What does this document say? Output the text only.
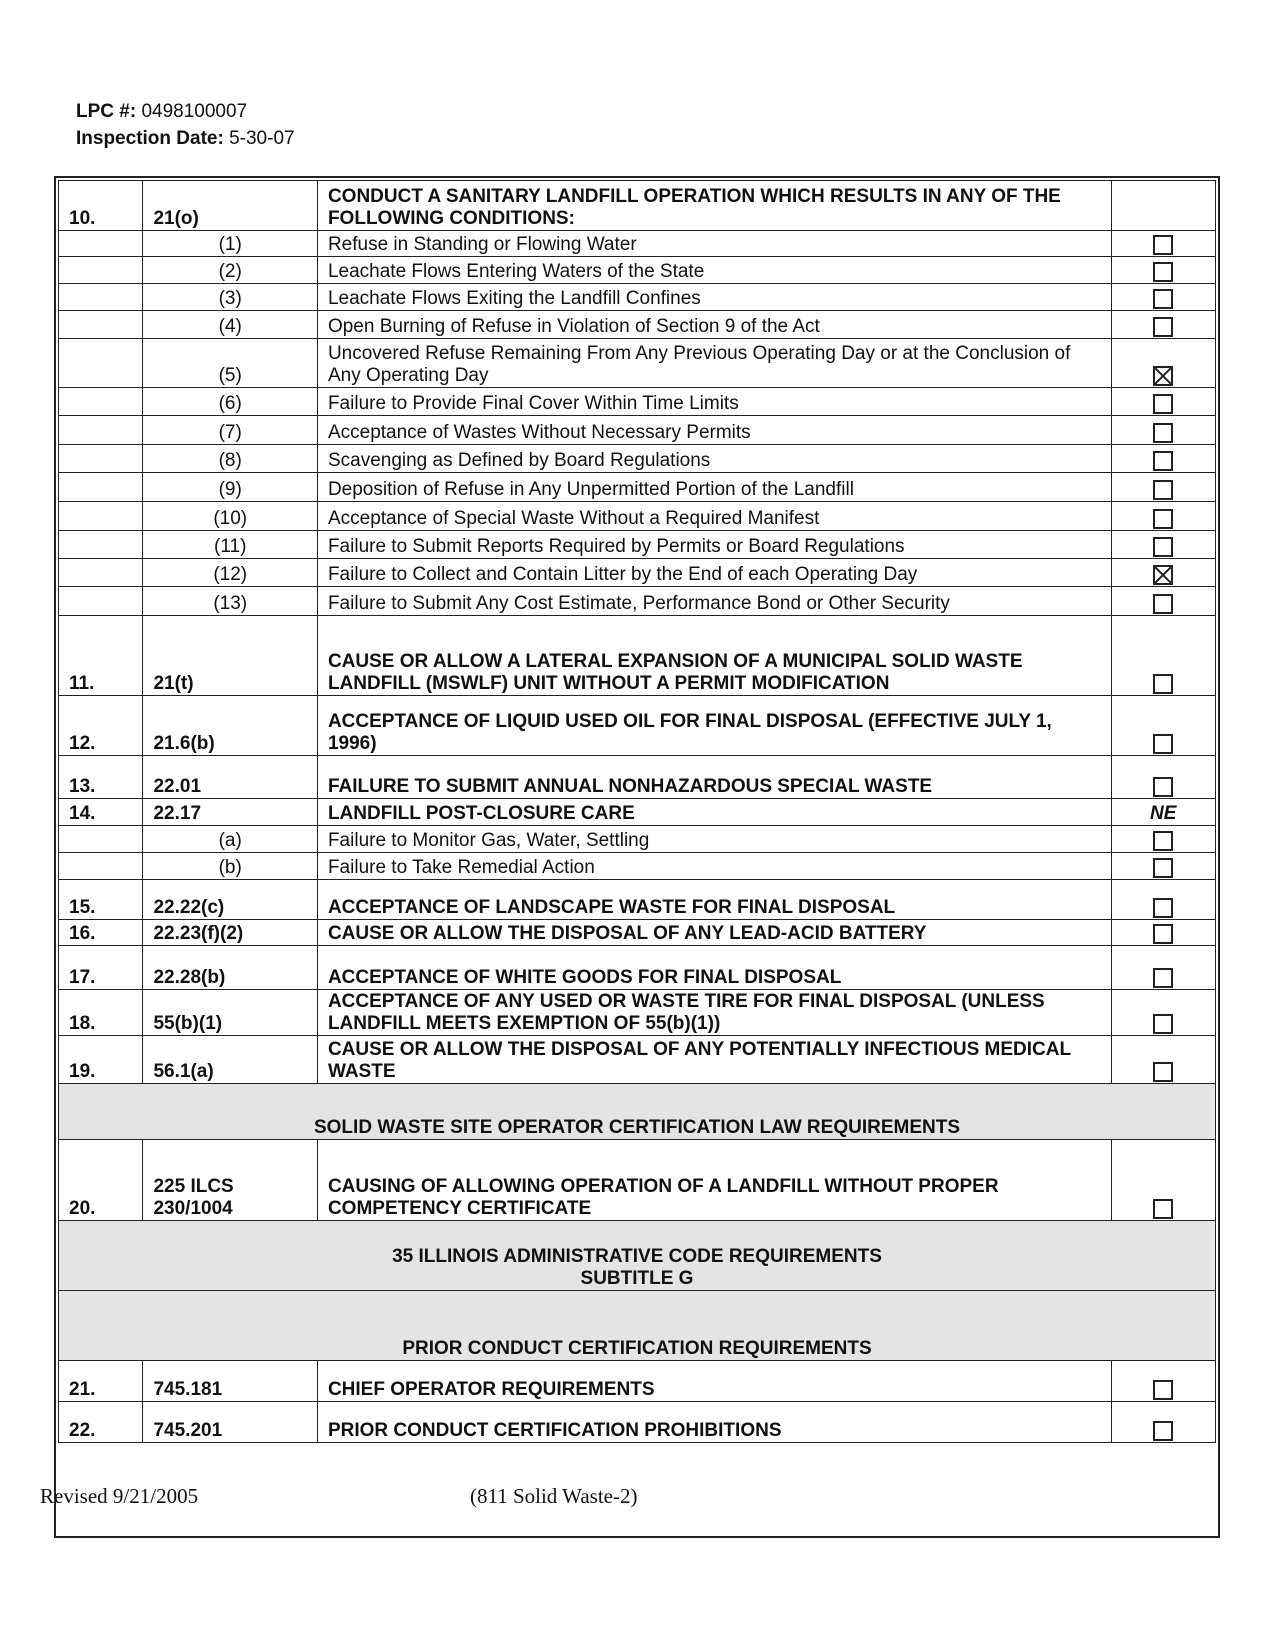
LPC #: 0498100007
Inspection Date: 5-30-07
10.	21(o)	CONDUCT A SANITARY LANDFILL OPERATION WHICH RESULTS IN ANY OF THE FOLLOWING CONDITIONS:	
	(1)	Refuse in Standing or Flowing Water	
	(2)	Leachate Flows Entering Waters of the State	
	(3)	Leachate Flows Exiting the Landfill Confines	
	(4)	Open Burning of Refuse in Violation of Section 9 of the Act	
	(5)	Uncovered Refuse Remaining From Any Previous Operating Day or at the Conclusion of Any Operating Day	
	(6)	Failure to Provide Final Cover Within Time Limits	
	(7)	Acceptance of Wastes Without Necessary Permits	
	(8)	Scavenging as Defined by Board Regulations	
	(9)	Deposition of Refuse in Any Unpermitted Portion of the Landfill	
	(10)	Acceptance of Special Waste Without a Required Manifest	
	(11)	Failure to Submit Reports Required by Permits or Board Regulations	
	(12)	Failure to Collect and Contain Litter by the End of each Operating Day	
	(13)	Failure to Submit Any Cost Estimate, Performance Bond or Other Security	
11.	21(t)	CAUSE OR ALLOW A LATERAL EXPANSION OF A MUNICIPAL SOLID WASTE LANDFILL (MSWLF) UNIT WITHOUT A PERMIT MODIFICATION	
12.	21.6(b)	ACCEPTANCE OF LIQUID USED OIL FOR FINAL DISPOSAL (EFFECTIVE JULY 1, 1996)	
13.	22.01	FAILURE TO SUBMIT ANNUAL NONHAZARDOUS SPECIAL WASTE	
14.	22.17	LANDFILL POST-CLOSURE CARE	NE
	(a)	Failure to Monitor Gas, Water, Settling	
	(b)	Failure to Take Remedial Action	
15.	22.22(c)	ACCEPTANCE OF LANDSCAPE WASTE FOR FINAL DISPOSAL	
16.	22.23(f)(2)	CAUSE OR ALLOW THE DISPOSAL OF ANY LEAD-ACID BATTERY	
17.	22.28(b)	ACCEPTANCE OF WHITE GOODS FOR FINAL DISPOSAL	
18.	55(b)(1)	ACCEPTANCE OF ANY USED OR WASTE TIRE FOR FINAL DISPOSAL (UNLESS LANDFILL MEETS EXEMPTION OF 55(b)(1))	
19.	56.1(a)	CAUSE OR ALLOW THE DISPOSAL OF ANY POTENTIALLY INFECTIOUS MEDICAL WASTE	

SOLID WASTE SITE OPERATOR CERTIFICATION LAW REQUIREMENTS			

20.	225 ILCS 230/1004	CAUSING OF ALLOWING OPERATION OF A LANDFILL WITHOUT PROPER COMPETENCY CERTIFICATE	

35 ILLINOIS ADMINISTRATIVE CODE REQUIREMENTS
SUBTITLE G			

PRIOR CONDUCT CERTIFICATION REQUIREMENTS			

21.	745.181	CHIEF OPERATOR REQUIREMENTS	
22.	745.201	PRIOR CONDUCT CERTIFICATION PROHIBITIONS	
Revised 9/21/2005	(811 Solid Waste-2)
